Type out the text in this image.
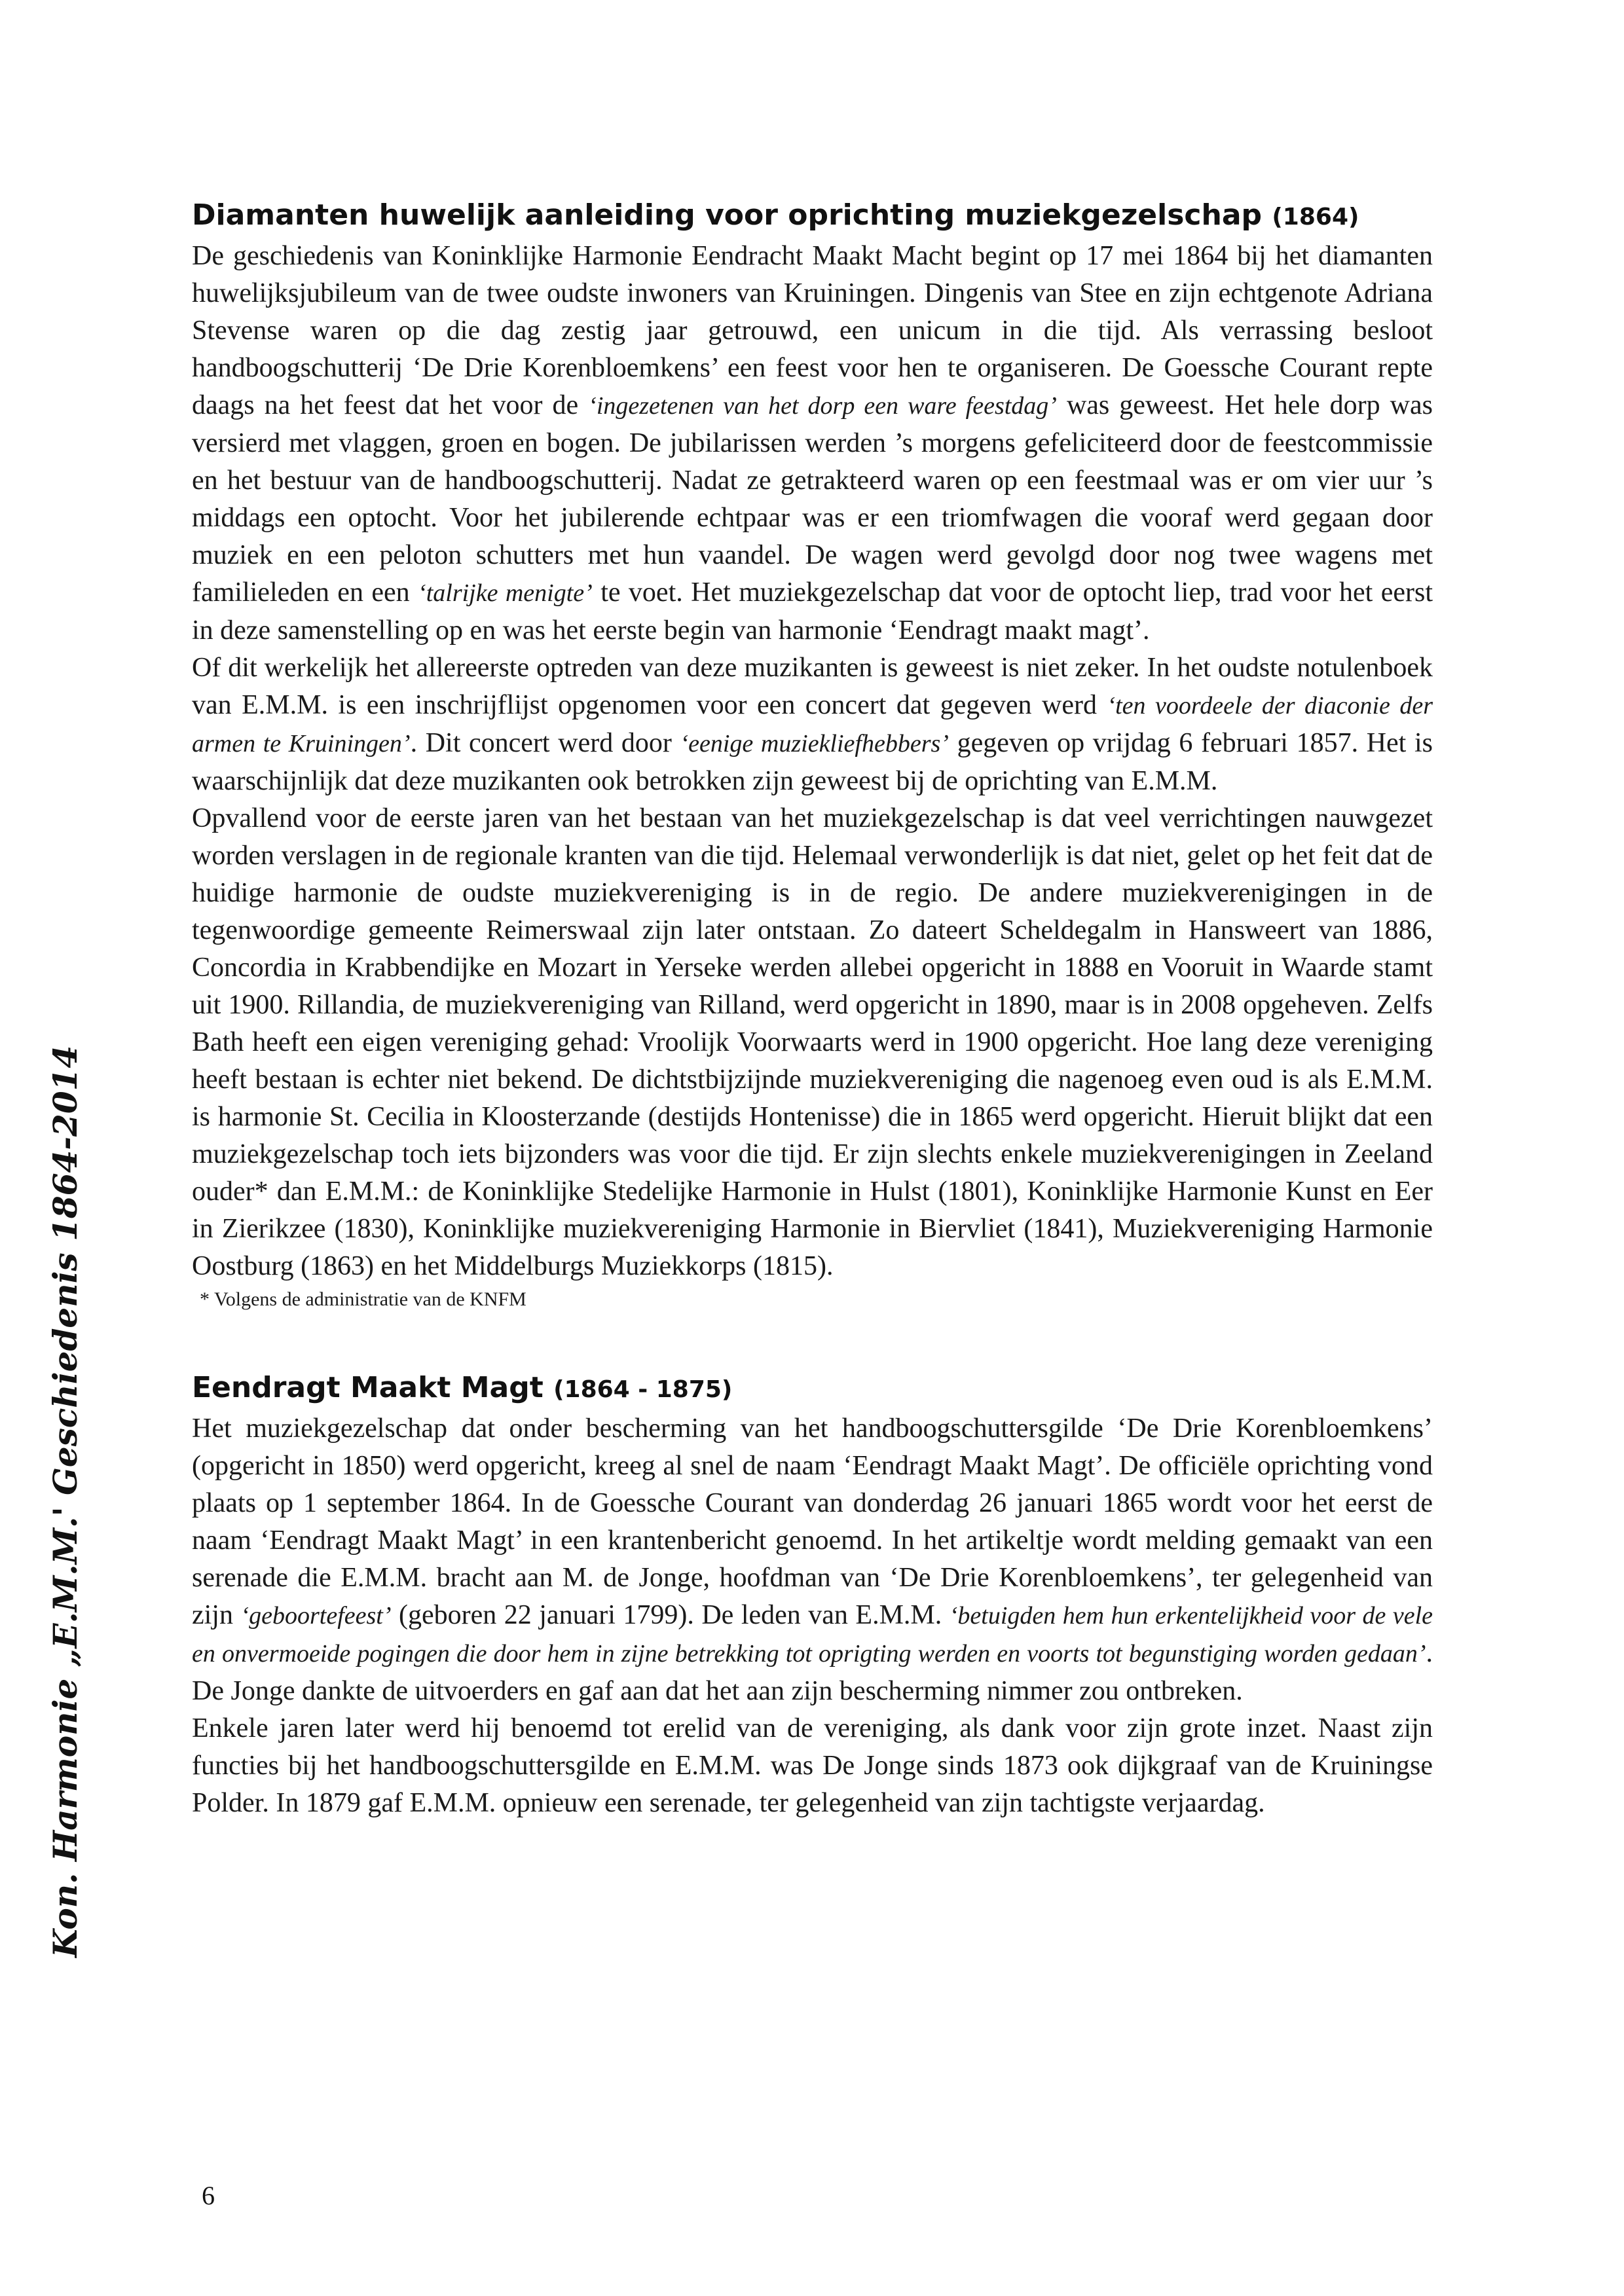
Kon. Harmonie „E.M.M.' Geschiedenis 1864-2014
Diamanten huwelijk aanleiding voor oprichting muziekgezelschap (1864)

De geschiedenis van Koninklijke Harmonie Eendracht Maakt Macht begint op 17 mei 1864 bij het diamanten huwelijksjubileum van de twee oudste inwoners van Kruiningen. Dingenis van Stee en zijn echtgenote Adriana Stevense waren op die dag zestig jaar getrouwd, een unicum in die tijd. Als verrassing besloot handboogschutterij ‘De Drie Korenbloemkens’ een feest voor hen te organiseren. De Goessche Courant repte daags na het feest dat het voor de ‘ingezetenen van het dorp een ware feestdag’ was geweest. Het hele dorp was versierd met vlaggen, groen en bogen. De jubilarissen werden ’s morgens gefeliciteerd door de feestcommissie en het bestuur van de handboogschutterij. Nadat ze getrakteerd waren op een feestmaal was er om vier uur ’s middags een optocht. Voor het jubilerende echtpaar was er een triomfwagen die vooraf werd gegaan door muziek en een peloton schutters met hun vaandel. De wagen werd gevolgd door nog twee wagens met familieleden en een ‘talrijke menigte’ te voet. Het muziekgezelschap dat voor de optocht liep, trad voor het eerst in deze samenstelling op en was het eerste begin van harmonie ‘Eendragt maakt magt’.

Of dit werkelijk het allereerste optreden van deze muzikanten is geweest is niet zeker. In het oudste notulenboek van E.M.M. is een inschrijflijst opgenomen voor een concert dat gegeven werd ‘ten voordeele der diaconie der armen te Kruiningen’. Dit concert werd door ‘eenige muziekliefhebbers’ gegeven op vrijdag 6 februari 1857. Het is waarschijnlijk dat deze muzikanten ook betrokken zijn geweest bij de oprichting van E.M.M.

Opvallend voor de eerste jaren van het bestaan van het muziekgezelschap is dat veel verrichtingen nauwgezet worden verslagen in de regionale kranten van die tijd. Helemaal verwonderlijk is dat niet, gelet op het feit dat de huidige harmonie de oudste muziekvereniging is in de regio. De andere muziekverenigingen in de tegenwoordige gemeente Reimerswaal zijn later ontstaan. Zo dateert Scheldegalm in Hansweert van 1886, Concordia in Krabbendijke en Mozart in Yerseke werden allebei opgericht in 1888 en Vooruit in Waarde stamt uit 1900. Rillandia, de muziekvereniging van Rilland, werd opgericht in 1890, maar is in 2008 opgeheven. Zelfs Bath heeft een eigen vereniging gehad: Vroolijk Voorwaarts werd in 1900 opgericht. Hoe lang deze vereniging heeft bestaan is echter niet bekend. De dichtstbijzijnde muziekvereniging die nagenoeg even oud is als E.M.M. is harmonie St. Cecilia in Kloosterzande (destijds Hontenisse) die in 1865 werd opgericht. Hieruit blijkt dat een muziekgezelschap toch iets bijzonders was voor die tijd. Er zijn slechts enkele muziekverenigingen in Zeeland ouder* dan E.M.M.: de Koninklijke Stedelijke Harmonie in Hulst (1801), Koninklijke Harmonie Kunst en Eer in Zierikzee (1830), Koninklijke muziekvereniging Harmonie in Biervliet (1841), Muziekvereniging Harmonie Oostburg (1863) en het Middelburgs Muziekkorps (1815).

* Volgens de administratie van de KNFM

Eendragt Maakt Magt (1864 - 1875)

Het muziekgezelschap dat onder bescherming van het handboogschuttersgilde ‘De Drie Korenbloemkens’ (opgericht in 1850) werd opgericht, kreeg al snel de naam ‘Eendragt Maakt Magt’. De officiële oprichting vond plaats op 1 september 1864. In de Goessche Courant van donderdag 26 januari 1865 wordt voor het eerst de naam ‘Eendragt Maakt Magt’ in een krantenbericht genoemd. In het artikeltje wordt melding gemaakt van een serenade die E.M.M. bracht aan M. de Jonge, hoofdman van ‘De Drie Korenbloemkens’, ter gelegenheid van zijn ‘geboortefeest’ (geboren 22 januari 1799). De leden van E.M.M. ‘betuigden hem hun erkentelijkheid voor de vele en onvermoeide pogingen die door hem in zijne betrekking tot oprigting werden en voorts tot begunstiging worden gedaan’. De Jonge dankte de uitvoerders en gaf aan dat het aan zijn bescherming nimmer zou ontbreken.

Enkele jaren later werd hij benoemd tot erelid van de vereniging, als dank voor zijn grote inzet. Naast zijn functies bij het handboogschuttersgilde en E.M.M. was De Jonge sinds 1873 ook dijkgraaf van de Kruiningse Polder. In 1879 gaf E.M.M. opnieuw een serenade, ter gelegenheid van zijn tachtigste verjaardag.

6
